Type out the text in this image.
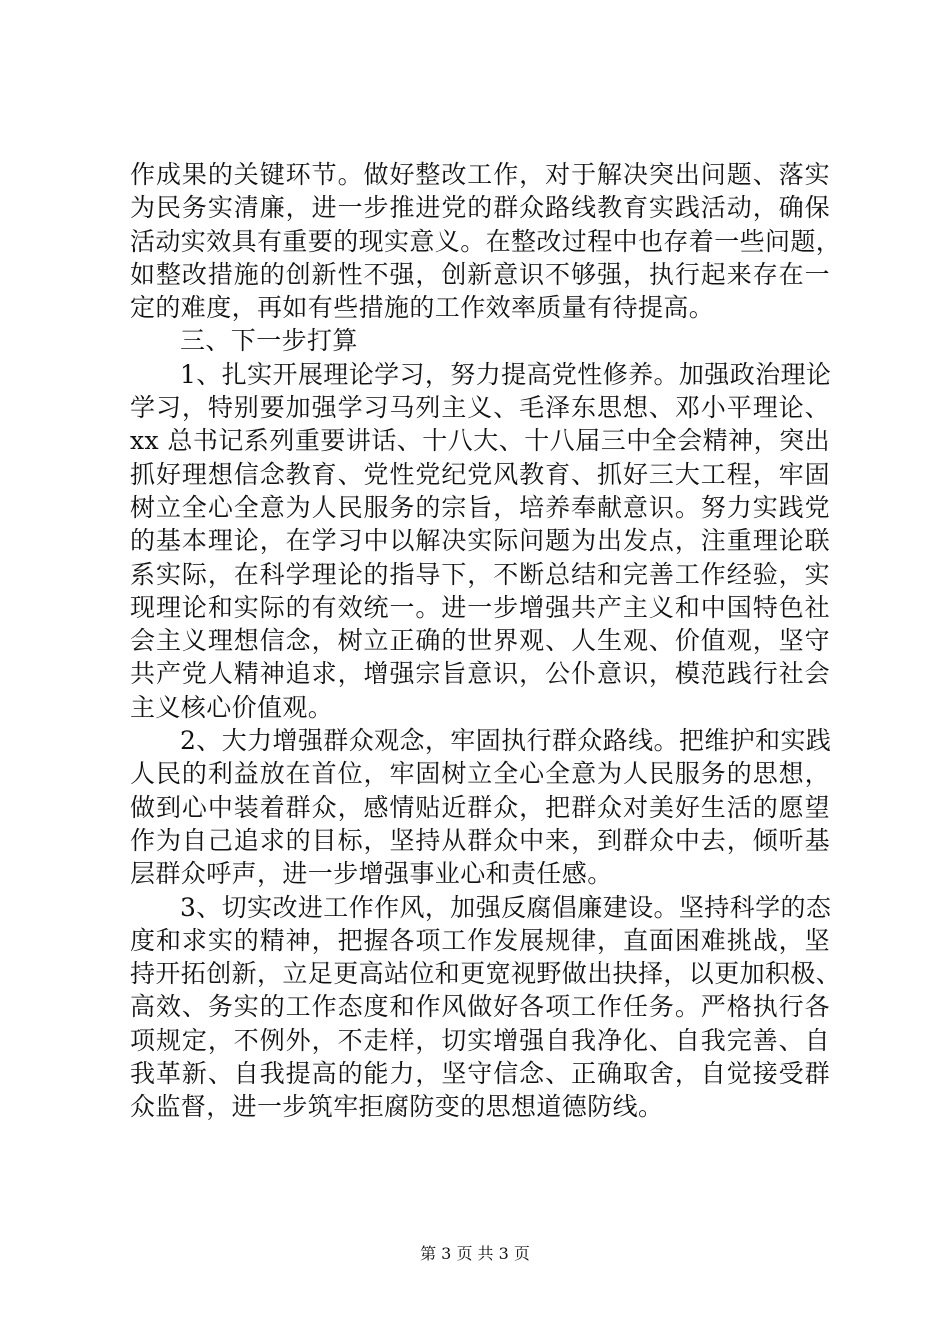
作成果的关键环节。做好整改工作，对于解决突出问题、落实
为民务实清廉，进一步推进党的群众路线教育实践活动，确保
活动实效具有重要的现实意义。在整改过程中也存着一些问题，
如整改措施的创新性不强，创新意识不够强，执行起来存在一
定的难度，再如有些措施的工作效率质量有待提高。
三、下一步打算
1、扎实开展理论学习，努力提高党性修养。加强政治理论
学习，特别要加强学习马列主义、毛泽东思想、邓小平理论、
xx 总书记系列重要讲话、十八大、十八届三中全会精神，突出
抓好理想信念教育、党性党纪党风教育、抓好三大工程，牢固
树立全心全意为人民服务的宗旨，培养奉献意识。努力实践党
的基本理论，在学习中以解决实际问题为出发点，注重理论联
系实际，在科学理论的指导下，不断总结和完善工作经验，实
现理论和实际的有效统一。进一步增强共产主义和中国特色社
会主义理想信念，树立正确的世界观、人生观、价值观，坚守
共产党人精神追求，增强宗旨意识，公仆意识，模范践行社会
主义核心价值观。
2、大力增强群众观念，牢固执行群众路线。把维护和实践
人民的利益放在首位，牢固树立全心全意为人民服务的思想，
做到心中装着群众，感情贴近群众，把群众对美好生活的愿望
作为自己追求的目标，坚持从群众中来，到群众中去，倾听基
层群众呼声，进一步增强事业心和责任感。
3、切实改进工作作风，加强反腐倡廉建设。坚持科学的态
度和求实的精神，把握各项工作发展规律，直面困难挑战，坚
持开拓创新，立足更高站位和更宽视野做出抉择，以更加积极、
高效、务实的工作态度和作风做好各项工作任务。严格执行各
项规定，不例外，不走样，切实增强自我净化、自我完善、自
我革新、自我提高的能力，坚守信念、正确取舍，自觉接受群
众监督，进一步筑牢拒腐防变的思想道德防线。
第 3 页 共 3 页
